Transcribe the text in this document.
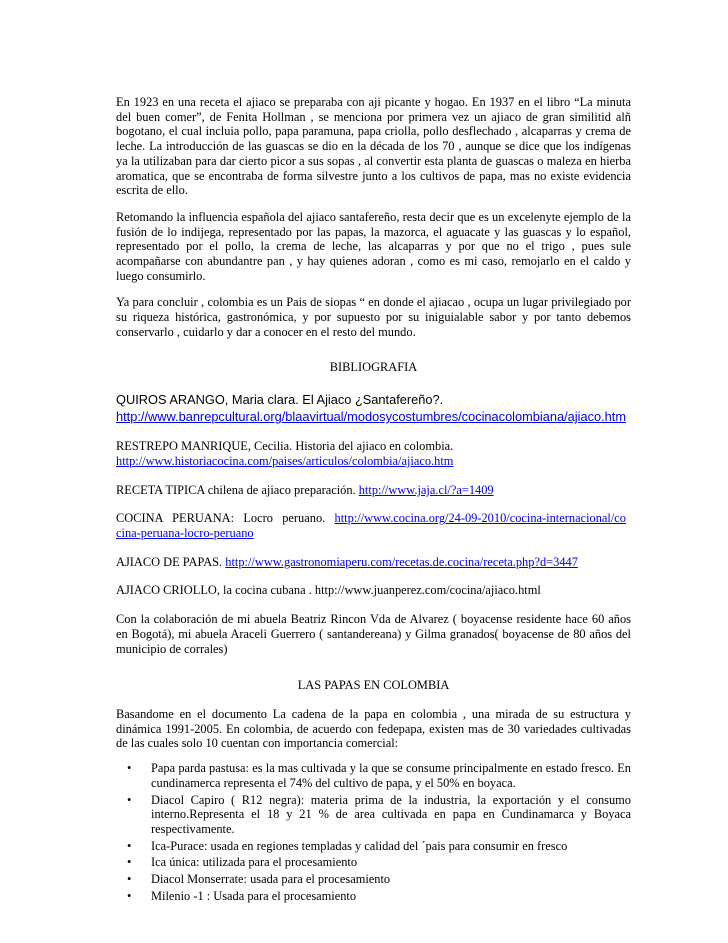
En 1923 en una receta el ajiaco se preparaba con aji picante y hogao. En 1937 en el libro “La minuta del buen comer”, de Fenita Hollman , se menciona por primera vez un ajiaco de gran similitid alñ bogotano, el cual incluia pollo, papa paramuna, papa criolla, pollo desflechado , alcaparras y crema de leche. La introducción de las guascas se dio en la década de los 70 , aunque se dice que los indígenas ya la utilizaban para dar cierto picor a sus sopas , al convertir esta planta de guascas o maleza en hierba aromatica, que se encontraba de forma silvestre junto a los cultivos de papa, mas no existe evidencia escrita de ello.

Retomando la influencia española del ajiaco santafereño, resta decir que es un excelenyte ejemplo de la fusión de lo indijega, representado por las papas, la mazorca, el aguacate y las guascas y lo español, representado por el pollo, la crema de leche, las alcaparras y por que no el trigo , pues sule acompañarse con abundantre pan , y hay quienes adoran , como es mi caso, remojarlo en el caldo y luego consumirlo.

Ya para concluir , colombia es un Pais de siopas “ en donde el ajiacao , ocupa un lugar privilegiado por su riqueza histórica, gastronómica, y por supuesto por su iniguialable sabor y por tanto debemos conservarlo , cuidarlo y dar a conocer en el resto del mundo.

BIBLIOGRAFIA

QUIROS ARANGO, Maria clara. El Ajiaco ¿Santafereño?.
http://www.banrepcultural.org/blaavirtual/modosycostumbres/cocinacolombiana/ajiaco.htm

RESTREPO MANRIQUE, Cecilia. Historia del ajiaco en colombia.
http://www.historiacocina.com/paises/articulos/colombia/ajiaco.htm

RECETA TIPICA chilena de ajiaco preparación. http://www.jaja.cl/?a=1409

COCINA   PERUANA:   Locro   peruano.   http://www.cocina.org/24-09-2010/cocina-internacional/cocina-peruana-locro-peruano

AJIACO DE PAPAS. http://www.gastronomiaperu.com/recetas.de.cocina/receta.php?d=3447

AJIACO CRIOLLO, la cocina cubana . http://www.juanperez.com/cocina/ajiaco.html

Con la colaboración de mi abuela Beatriz Rincon Vda de Alvarez ( boyacense residente hace 60 años en Bogotá), mi abuela Araceli Guerrero ( santandereana) y Gilma granados( boyacense de 80 años del municipio de corrales)

LAS PAPAS EN COLOMBIA

Basandome en el documento La cadena de la papa en colombia , una mirada de su estructura y dinámica 1991-2005. En colombia, de acuerdo con fedepapa, existen mas de 30 variedades cultivadas de las cuales solo 10 cuentan con importancia comercial:

• Papa parda pastusa: es la mas cultivada y la que se consume principalmente en estado fresco. En cundinamerca representa el 74% del cultivo de papa, y el 50% en boyaca.
• Diacol Capiro ( R12 negra): materia prima de la industria, la exportación y el consumo interno.Representa el 18 y 21 % de area cultivada en papa en Cundinamarca y Boyaca respectivamente.
• Ica-Purace: usada en regiones templadas y calidad del ´pais para consumir en fresco
• Ica única: utilizada para el procesamiento
• Diacol Monserrate: usada para el procesamiento
• Milenio -1 : Usada para el procesamiento
